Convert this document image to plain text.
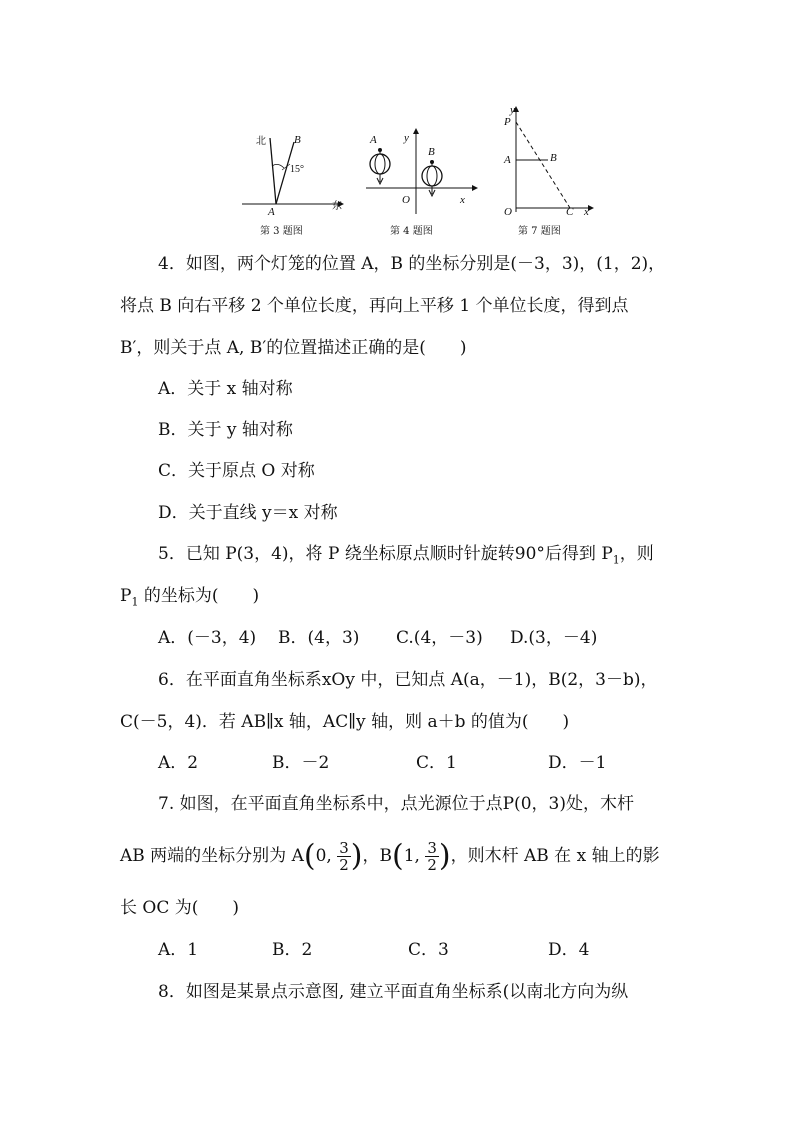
北	B
15°
A	东
第 3 题图
A
B
y
x
O
第 4 题图
y
P
A	B
O	C x
第 7 题图
4．如图，两个灯笼的位置 A，B 的坐标分别是(－3，3)，(1，2)，
将点 B 向右平移 2 个单位长度，再向上平移 1 个单位长度，得到点
B′，则关于点 A, B′的位置描述正确的是(　　)
A．关于 x 轴对称
B．关于 y 轴对称
C．关于原点 O 对称
D．关于直线 y＝x 对称
5．已知 P(3，4)，将 P 绕坐标原点顺时针旋转90°后得到 $P_1$，则
$P_1$ 的坐标为(　　)
A．(－3，4) B．(4，3) C.(4，－3) D.(3，－4)
6．在平面直角坐标系xOy 中，已知点 A(a，－1)，B(2，3－b)，
C(－5，4)．若 AB∥x 轴，AC∥y 轴，则 a＋b 的值为(　　)
A．2	B．－2	C．1	D．－1
7. 如图，在平面直角坐标系中，点光源位于点P(0，3)处，木杆
AB 两端的坐标分别为 A(0, $\frac{3}{2}$ )，B(1, $\frac{3}{2}$ )，则木杆 AB 在 x 轴上的影
长 OC 为(　　)
A．1	B．2	C．3	D．4
8．如图是某景点示意图, 建立平面直角坐标系(以南北方向为纵
